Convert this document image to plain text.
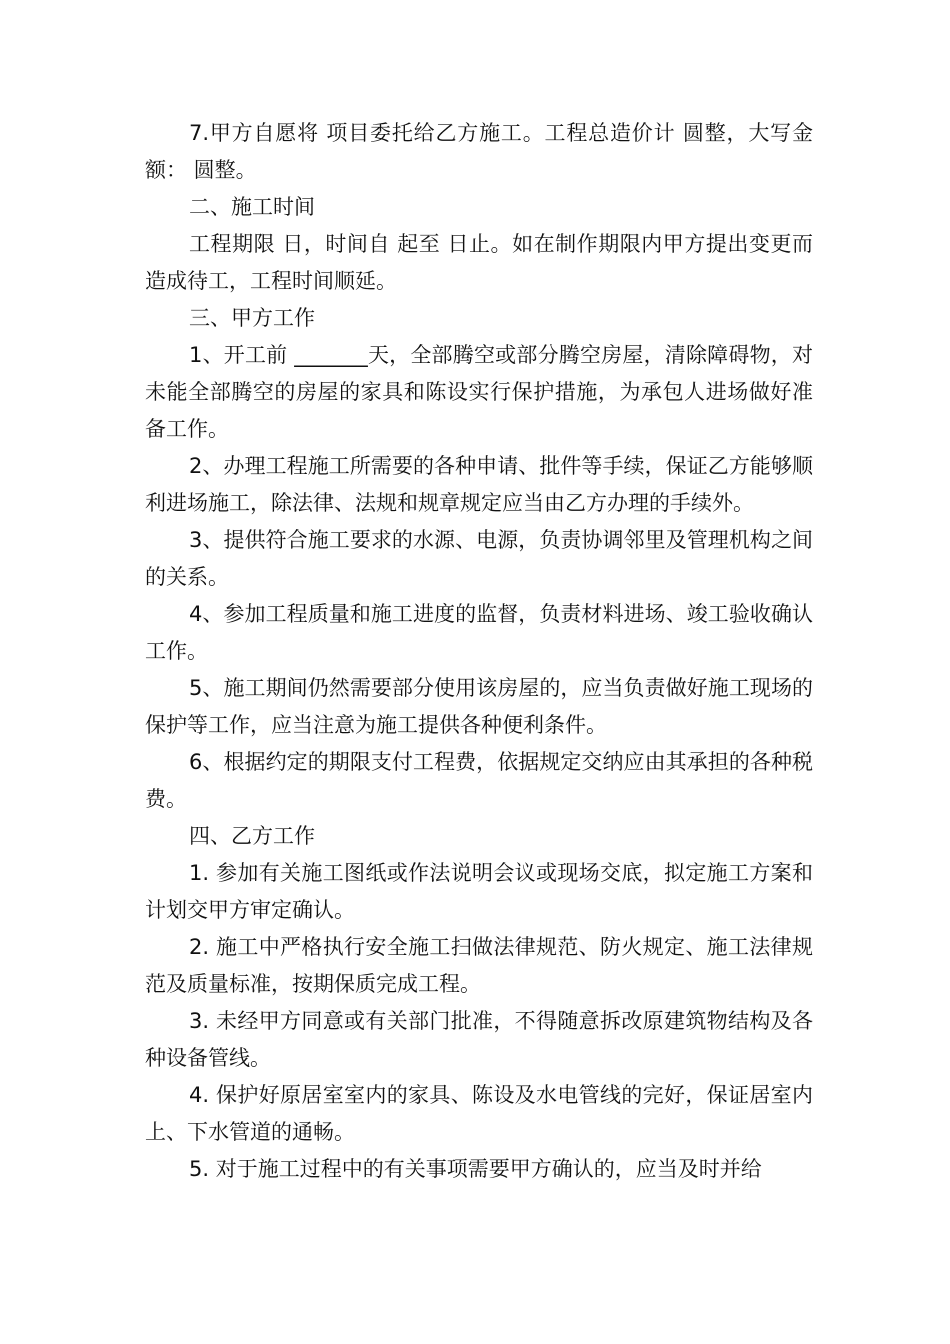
7.甲方自愿将 项目委托给乙方施工。工程总造价计 圆整，大写金额： 圆整。

二、施工时间

工程期限 日，时间自 起至 日止。如在制作期限内甲方提出变更而造成待工，工程时间顺延。

三、甲方工作

1、开工前 _______天，全部腾空或部分腾空房屋，清除障碍物，对未能全部腾空的房屋的家具和陈设实行保护措施，为承包人进场做好准备工作。

2、办理工程施工所需要的各种申请、批件等手续，保证乙方能够顺利进场施工，除法律、法规和规章规定应当由乙方办理的手续外。

3、提供符合施工要求的水源、电源，负责协调邻里及管理机构之间的关系。

4、参加工程质量和施工进度的监督，负责材料进场、竣工验收确认工作。

5、施工期间仍然需要部分使用该房屋的，应当负责做好施工现场的保护等工作，应当注意为施工提供各种便利条件。

6、根据约定的期限支付工程费，依据规定交纳应由其承担的各种税费。

四、乙方工作

1. 参加有关施工图纸或作法说明会议或现场交底，拟定施工方案和计划交甲方审定确认。

2. 施工中严格执行安全施工扫做法律规范、防火规定、施工法律规范及质量标准，按期保质完成工程。

3. 未经甲方同意或有关部门批准，不得随意拆改原建筑物结构及各种设备管线。

4. 保护好原居室室内的家具、陈设及水电管线的完好，保证居室内上、下水管道的通畅。

5. 对于施工过程中的有关事项需要甲方确认的，应当及时并给
